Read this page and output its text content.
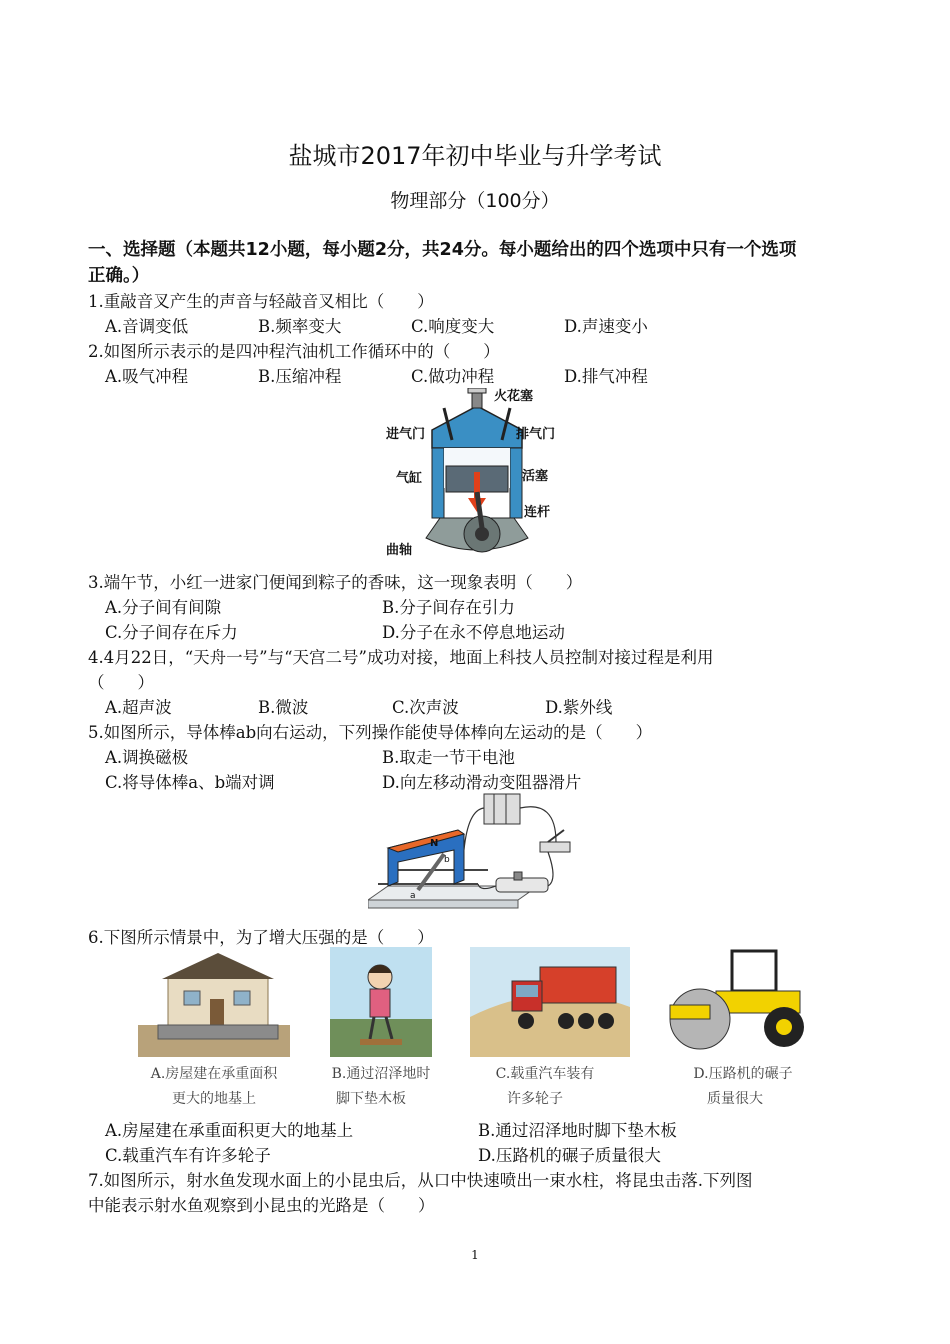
盐城市2017年初中毕业与升学考试
物理部分（100分）
一、选择题（本题共12小题，每小题2分，共24分。每小题给出的四个选项中只有一个选项
正确。）
1.重敲音叉产生的声音与轻敲音叉相比（　　）
A.音调变低	B.频率变大	C.响度变大	D.声速变小
2.如图所示表示的是四冲程汽油机工作循环中的（　　）
A.吸气冲程	B.压缩冲程	C.做功冲程	D.排气冲程
火花塞
进气门	排气门
气缸	活塞
连杆
曲轴
3.端午节，小红一进家门便闻到粽子的香味，这一现象表明（　　）
A.分子间有间隙	B.分子间存在引力
C.分子间存在斥力	D.分子在永不停息地运动
4.4月22日，“天舟一号”与“天宫二号”成功对接，地面上科技人员控制对接过程是利用
（　　）
A.超声波	B.微波	C.次声波	D.紫外线
5.如图所示，导体棒ab向右运动，下列操作能使导体棒向左运动的是（　　）
A.调换磁极	B.取走一节干电池
C.将导体棒a、b端对调	D.向左移动滑动变阻器滑片
N
b
a
6.下图所示情景中，为了增大压强的是（　　）
A.房屋建在承重面积
更大的地基上
B.通过沼泽地时
脚下垫木板
C.载重汽车装有
许多轮子
D.压路机的碾子
质量很大
A.房屋建在承重面积更大的地基上	B.通过沼泽地时脚下垫木板
C.载重汽车有许多轮子	D.压路机的碾子质量很大
7.如图所示，射水鱼发现水面上的小昆虫后，从口中快速喷出一束水柱，将昆虫击落.下列图
中能表示射水鱼观察到小昆虫的光路是（　　）
1
